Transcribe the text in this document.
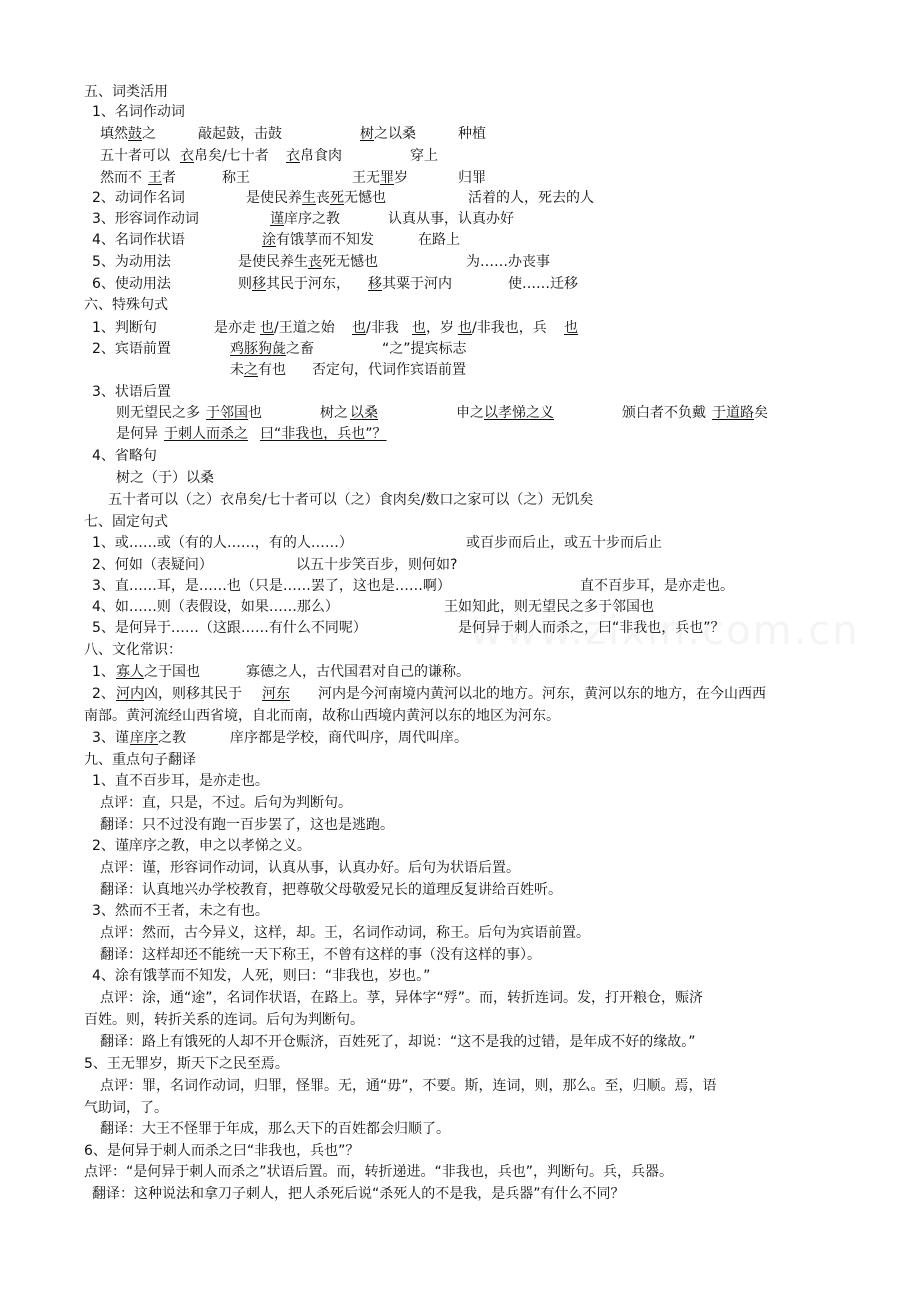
五、词类活用
1、名词作动词
填然 鼓 之	敲起鼓，击鼓	树 之以桑	种植
五十者可以 衣 帛矣/七十者 衣 帛食肉	穿上
然而不 王 者	称王	王无 罪 岁	归罪
2、动词作名词	是使民养 生 丧 死 无憾也	活着的人，死去的人
3、形容词作动词	谨 庠序之教	认真从事，认真办好
4、名词作状语	涂 有饿莩而不知发	在路上
5、为动用法	是使民养生 丧 死无憾也	为……办丧事
6、使动用法	则 移 其民于河东， 移 其粟于河内	使……迁移
六、特殊句式
1、判断句	是亦走 也 /王道之始 也 /非我 也 ，岁 也 /非我也，兵 也
2、宾语前置	鸡豚狗彘 之畜	“之”提宾标志
未 之 有也 否定句，代词作宾语前置
3、状语后置
则无望民之多 于邻国 也	树之 以桑	申之 以孝悌之义	颁白者不负戴 于道路 矣
是何异 于刺人而杀之 曰“非我也，兵也”？
4、省略句
树之（于）以桑
五十者可以（之）衣帛矣/七十者可以（之）食肉矣/数口之家可以（之）无饥矣
七、固定句式
1、或……或（有的人……，有的人……）	或百步而后止，或五十步而后止
2、何如（表疑问）	以五十步笑百步，则何如?
3、直……耳，是……也（只是……罢了，这也是……啊）	直不百步耳，是亦走也。
4、如……则（表假设，如果……那么）	王如知此，则无望民之多于邻国也
5、是何异于……（这跟……有什么不同呢）	是何异于刺人而杀之，曰“非我也，兵也”？
八、文化常识：
1、 寡人 之于国也	寡德之人，古代国君对自己的谦称。
2、 河内 凶，则移其民于 河东 河内是今河南境内黄河以北的地方。河东，黄河以东的地方，在今山西西
南部。黄河流经山西省境，自北而南，故称山西境内黄河以东的地区为河东。
3、谨 庠序 之教	庠序都是学校，商代叫序，周代叫庠。
九、重点句子翻译
1、直不百步耳，是亦走也。
点评：直，只是，不过。后句为判断句。
翻译：只不过没有跑一百步罢了，这也是逃跑。
2、谨庠序之教，申之以孝悌之义。
点评：谨，形容词作动词，认真从事，认真办好。后句为状语后置。
翻译：认真地兴办学校教育，把尊敬父母敬爱兄长的道理反复讲给百姓听。
3、然而不王者，未之有也。
点评：然而，古今异义，这样，却。王，名词作动词，称王。后句为宾语前置。
翻译：这样却还不能统一天下称王，不曾有这样的事（没有这样的事）。
4、涂有饿莩而不知发，人死，则曰：“非我也，岁也。”
点评：涂，通“途”，名词作状语，在路上。莩，异体字“殍”。而，转折连词。发，打开粮仓，赈济
百姓。则，转折关系的连词。后句为判断句。
翻译：路上有饿死的人却不开仓赈济，百姓死了，却说：“这不是我的过错，是年成不好的缘故。”
5、王无罪岁，斯天下之民至焉。
点评：罪，名词作动词，归罪，怪罪。无，通“毋”，不要。斯，连词，则，那么。至，归顺。焉，语
气助词，了。
翻译：大王不怪罪于年成，那么天下的百姓都会归顺了。
6、是何异于刺人而杀之曰“非我也，兵也”？
点评：“是何异于刺人而杀之”状语后置。而，转折递进。“非我也，兵也”，判断句。兵，兵器。
翻译：这种说法和拿刀子刺人，把人杀死后说“杀死人的不是我，是兵器”有什么不同？
